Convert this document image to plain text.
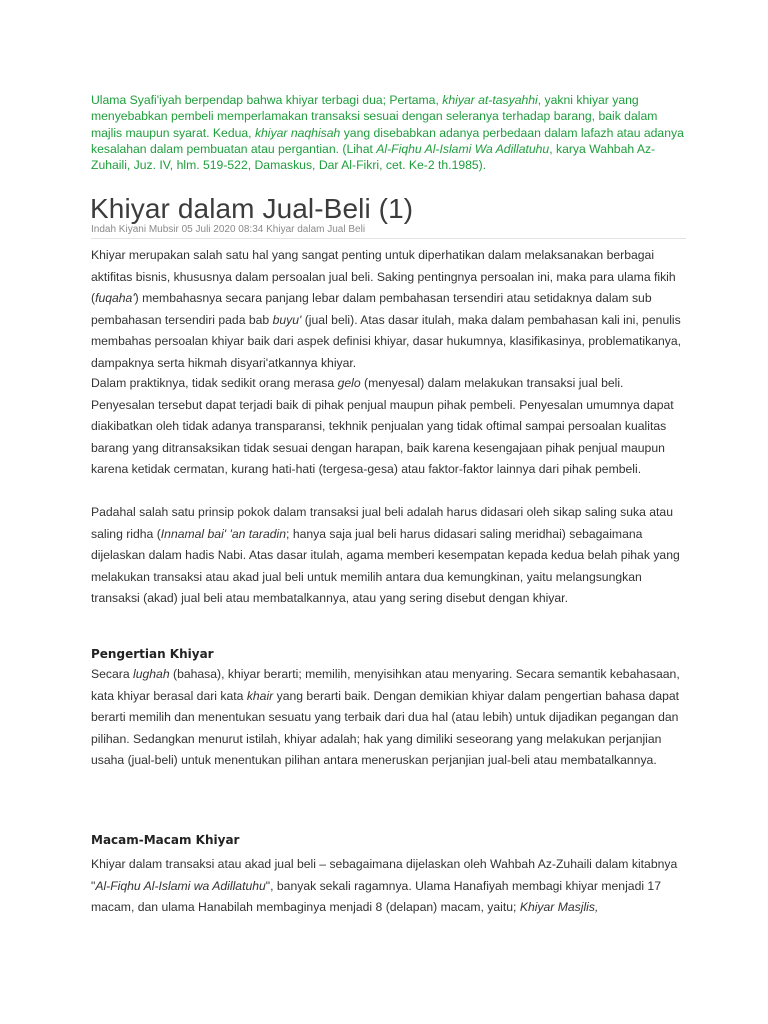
Ulama Syafi'iyah berpendap bahwa khiyar terbagi dua; Pertama, khiyar at-tasyahhi, yakni khiyar yang menyebabkan pembeli memperlamakan transaksi sesuai dengan seleranya terhadap barang, baik dalam majlis maupun syarat. Kedua, khiyar naqhisah yang disebabkan adanya perbedaan dalam lafazh atau adanya kesalahan dalam pembuatan atau pergantian. (Lihat Al-Fiqhu Al-Islami Wa Adillatuhu, karya Wahbah Az-Zuhaili, Juz. IV, hlm. 519-522, Damaskus, Dar Al-Fikri, cet. Ke-2 th.1985).

Khiyar dalam Jual-Beli (1)
Indah Kiyani Mubsir 05 Juli 2020 08:34 Khiyar dalam Jual Beli

Khiyar merupakan salah satu hal yang sangat penting untuk diperhatikan dalam melaksanakan berbagai aktifitas bisnis, khususnya dalam persoalan jual beli. Saking pentingnya persoalan ini, maka para ulama fikih (fuqaha') membahasnya secara panjang lebar dalam pembahasan tersendiri atau setidaknya dalam sub pembahasan tersendiri pada bab buyu' (jual beli). Atas dasar itulah, maka dalam pembahasan kali ini, penulis membahas persoalan khiyar baik dari aspek definisi khiyar, dasar hukumnya, klasifikasinya, problematikanya, dampaknya serta hikmah disyari'atkannya khiyar.

Dalam praktiknya, tidak sedikit orang merasa gelo (menyesal) dalam melakukan transaksi jual beli. Penyesalan tersebut dapat terjadi baik di pihak penjual maupun pihak pembeli. Penyesalan umumnya dapat diakibatkan oleh tidak adanya transparansi, tekhnik penjualan yang tidak oftimal sampai persoalan kualitas barang yang ditransaksikan tidak sesuai dengan harapan, baik karena kesengajaan pihak penjual maupun karena ketidak cermatan, kurang hati-hati (tergesa-gesa) atau faktor-faktor lainnya dari pihak pembeli.

Padahal salah satu prinsip pokok dalam transaksi jual beli adalah harus didasari oleh sikap saling suka atau saling ridha (Innamal bai' 'an taradin; hanya saja jual beli harus didasari saling meridhai) sebagaimana dijelaskan dalam hadis Nabi. Atas dasar itulah, agama memberi kesempatan kepada kedua belah pihak yang melakukan transaksi atau akad jual beli untuk memilih antara dua kemungkinan, yaitu melangsungkan transaksi (akad) jual beli atau membatalkannya, atau yang sering disebut dengan khiyar.

Pengertian Khiyar

Secara lughah (bahasa), khiyar berarti; memilih, menyisihkan atau menyaring. Secara semantik kebahasaan, kata khiyar berasal dari kata khair yang berarti baik. Dengan demikian khiyar dalam pengertian bahasa dapat berarti memilih dan menentukan sesuatu yang terbaik dari dua hal (atau lebih) untuk dijadikan pegangan dan pilihan. Sedangkan menurut istilah, khiyar adalah; hak yang dimiliki seseorang yang melakukan perjanjian usaha (jual-beli) untuk menentukan pilihan antara meneruskan perjanjian jual-beli atau membatalkannya.

Macam-Macam Khiyar

Khiyar dalam transaksi atau akad jual beli – sebagaimana dijelaskan oleh Wahbah Az-Zuhaili dalam kitabnya "Al-Fiqhu Al-Islami wa Adillatuhu", banyak sekali ragamnya. Ulama Hanafiyah membagi khiyar menjadi 17 macam, dan ulama Hanabilah membaginya menjadi 8 (delapan) macam, yaitu; Khiyar Masjlis,
